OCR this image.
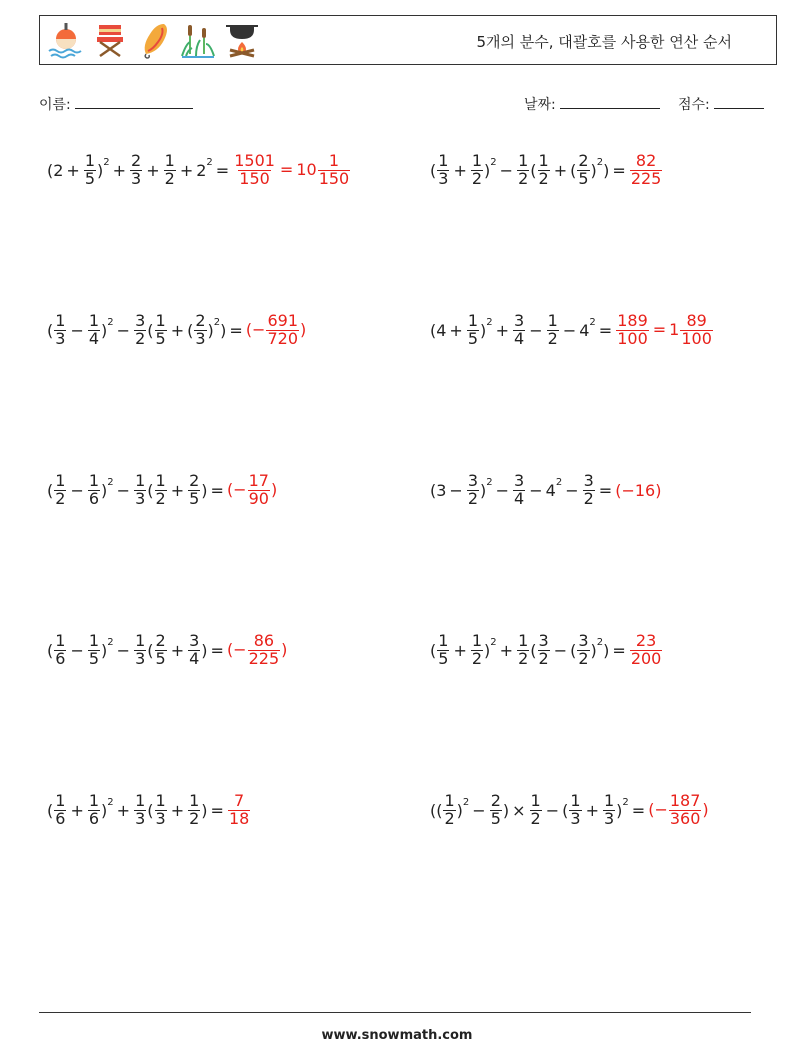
5개의 분수, 대괄호를 사용한 연산 순서
이름:	날짜:	점수:
$(2 + \frac{1}{5} )^2 + \frac{2}{3} + \frac{1}{2} + 2^2 = \frac{1501}{150} = 10 \frac{1}{150}$	( $\frac{1}{3} + \frac{1}{2} )^2 - \frac{1}{2}$ ( $\frac{1}{2}$ + ( $\frac{2}{5} )^2$ ) = $\frac{82}{225}$
( $\frac{1}{3} - \frac{1}{4} )^2 - \frac{3}{2}$ ( $\frac{1}{5}$ + ( $\frac{2}{3} )^2$ ) = (− $\frac{691}{720}$ )	$(4 + \frac{1}{5} )^2 + \frac{3}{4} - \frac{1}{2} - 4^2 = \frac{189}{100} = 1 \frac{89}{100}$
( $\frac{1}{2} - \frac{1}{6} )^2 - \frac{1}{3}$ ( $\frac{1}{2} + \frac{2}{5}$ ) = (− $\frac{17}{90}$ )	$(3 - \frac{3}{2} )^2 - \frac{3}{4} - 4^2 - \frac{3}{2} = (-16)$
( $\frac{1}{6} - \frac{1}{5} )^2 - \frac{1}{3}$ ( $\frac{2}{5} + \frac{3}{4}$ ) = (− $\frac{86}{225}$ )	( $\frac{1}{5} + \frac{1}{2} )^2 + \frac{1}{2}$ ( $\frac{3}{2}$ − ( $\frac{3}{2} )^2$ ) = $\frac{23}{200}$
( $\frac{1}{6} + \frac{1}{6} )^2 + \frac{1}{3}$ ( $\frac{1}{3} + \frac{1}{2}$ ) = $\frac{7}{18}$	(( $\frac{1}{2} )^2 - \frac{2}{5}$ ) × $\frac{1}{2}$ − ( $\frac{1}{3} + \frac{1}{3} )^2$ = (− $\frac{187}{360}$ )
www.snowmath.com
